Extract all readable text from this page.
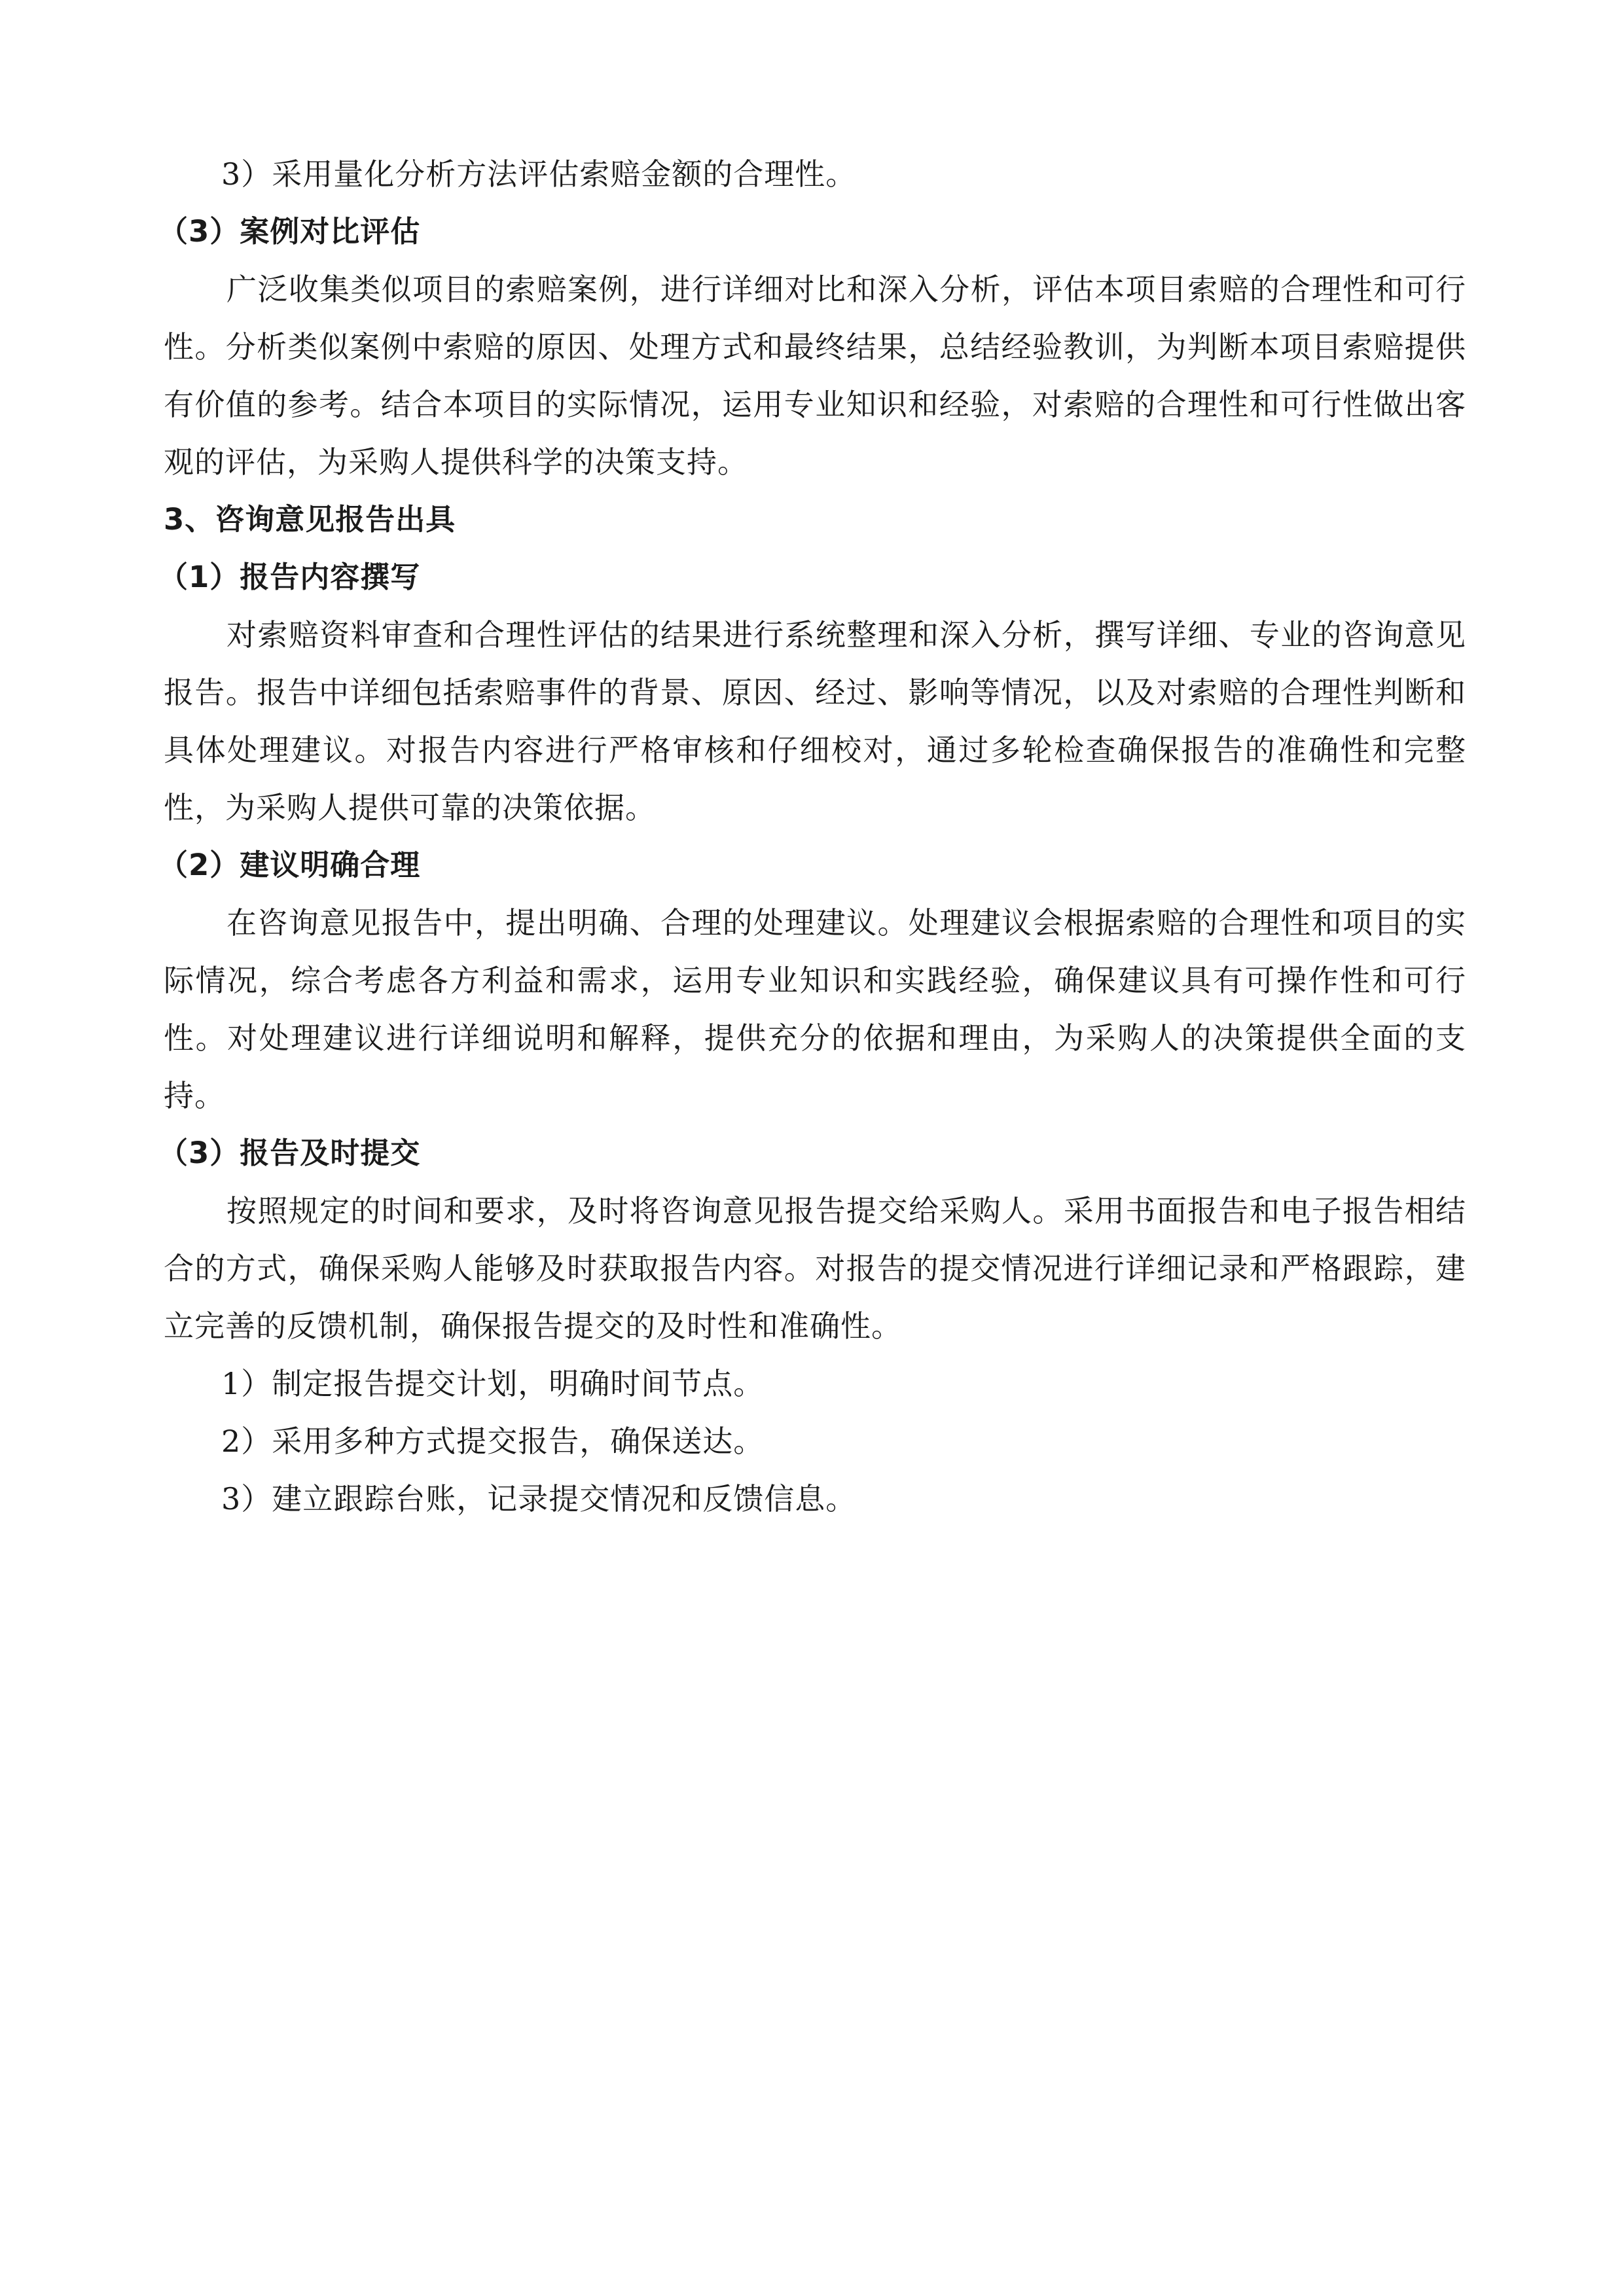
3）采用量化分析方法评估索赔金额的合理性。

（3）案例对比评估

广泛收集类似项目的索赔案例，进行详细对比和深入分析，评估本项目索赔的合理性和可行性。分析类似案例中索赔的原因、处理方式和最终结果，总结经验教训，为判断本项目索赔提供有价值的参考。结合本项目的实际情况，运用专业知识和经验，对索赔的合理性和可行性做出客观的评估，为采购人提供科学的决策支持。

3、咨询意见报告出具

（1）报告内容撰写

对索赔资料审查和合理性评估的结果进行系统整理和深入分析，撰写详细、专业的咨询意见报告。报告中详细包括索赔事件的背景、原因、经过、影响等情况，以及对索赔的合理性判断和具体处理建议。对报告内容进行严格审核和仔细校对，通过多轮检查确保报告的准确性和完整性，为采购人提供可靠的决策依据。

（2）建议明确合理

在咨询意见报告中，提出明确、合理的处理建议。处理建议会根据索赔的合理性和项目的实际情况，综合考虑各方利益和需求，运用专业知识和实践经验，确保建议具有可操作性和可行性。对处理建议进行详细说明和解释，提供充分的依据和理由，为采购人的决策提供全面的支持。

（3）报告及时提交

按照规定的时间和要求，及时将咨询意见报告提交给采购人。采用书面报告和电子报告相结合的方式，确保采购人能够及时获取报告内容。对报告的提交情况进行详细记录和严格跟踪，建立完善的反馈机制，确保报告提交的及时性和准确性。

1）制定报告提交计划，明确时间节点。

2）采用多种方式提交报告，确保送达。

3）建立跟踪台账，记录提交情况和反馈信息。
